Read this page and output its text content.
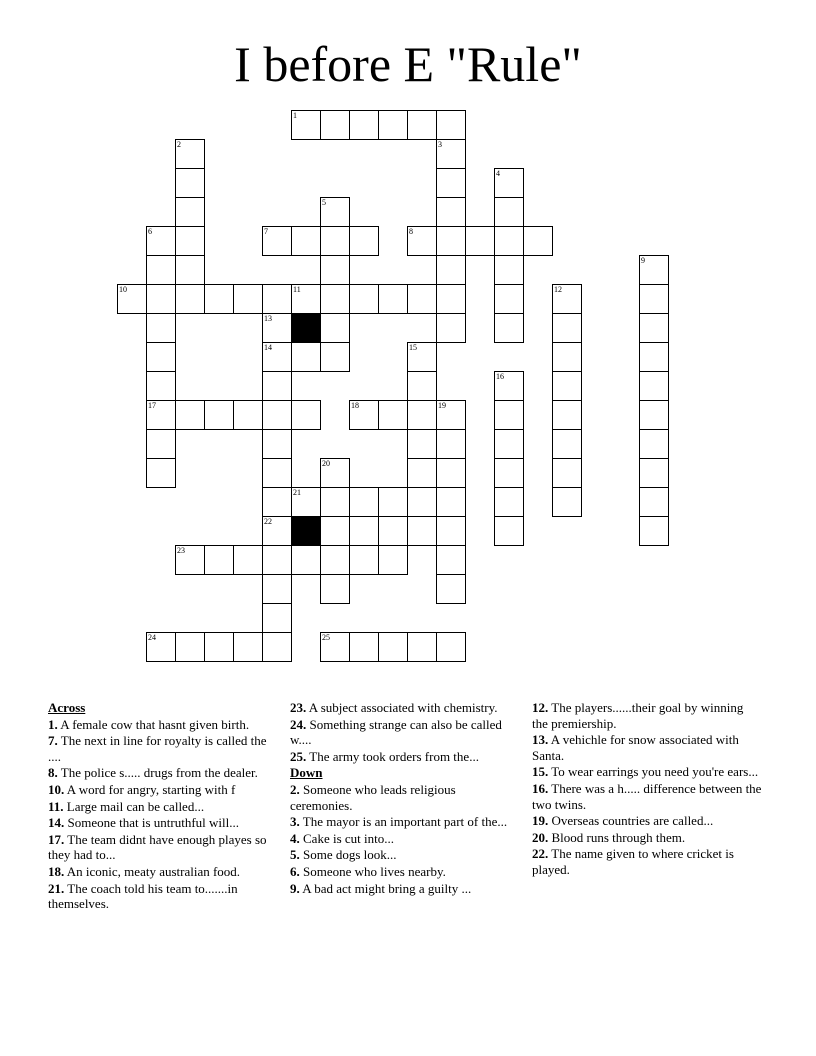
I before E "Rule"
1
2	3
4
5
6	7	8
9
10	11	12
13
14	15
16
17	18	19
20
21
22
23
24	25
Across
1. A female cow that hasnt given birth.
7. The next in line for royalty is called the ....
8. The police s..... drugs from the dealer.
10. A word for angry, starting with f
11. Large mail can be called...
14. Someone that is untruthful will...
17. The team didnt have enough playes so they had to...
18. An iconic, meaty australian food.
21. The coach told his team to.......in themselves.
23. A subject associated with chemistry.
24. Something strange can also be called w....
25. The army took orders from the...
Down
2. Someone who leads religious ceremonies.
3. The mayor is an important part of the...
4. Cake is cut into...
5. Some dogs look...
6. Someone who lives nearby.
9. A bad act might bring a guilty ...
12. The players......their goal by winning the premiership.
13. A vehichle for snow associated with Santa.
15. To wear earrings you need you're ears...
16. There was a h..... difference between the two twins.
19. Overseas countries are called...
20. Blood runs through them.
22. The name given to where cricket is played.
